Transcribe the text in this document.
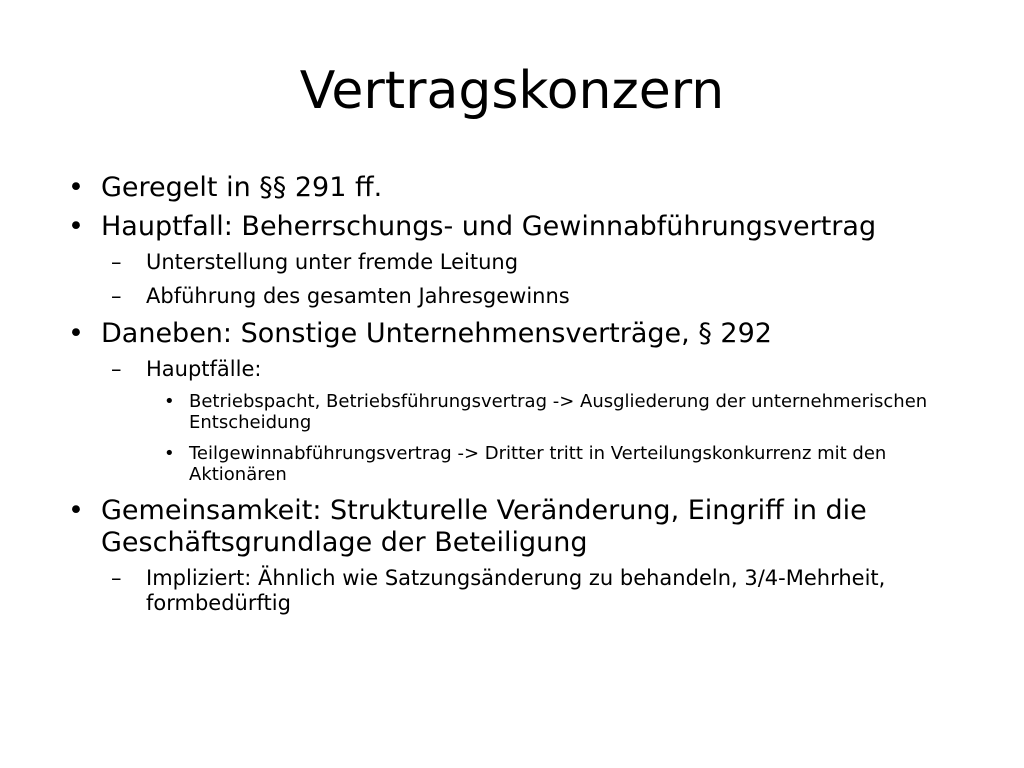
Vertragskonzern
• Geregelt in §§ 291 ff.
• Hauptfall: Beherrschungs- und Gewinnabführungsvertrag
– Unterstellung unter fremde Leitung
– Abführung des gesamten Jahresgewinns
• Daneben: Sonstige Unternehmensverträge, § 292
– Hauptfälle:
• Betriebspacht, Betriebsführungsvertrag -> Ausgliederung der unternehmerischen Entscheidung
• Teilgewinnabführungsvertrag -> Dritter tritt in Verteilungskonkurrenz mit den Aktionären
• Gemeinsamkeit: Strukturelle Veränderung, Eingriff in die Geschäftsgrundlage der Beteiligung
– Impliziert: Ähnlich wie Satzungsänderung zu behandeln, 3/4-Mehrheit, formbedürftig
